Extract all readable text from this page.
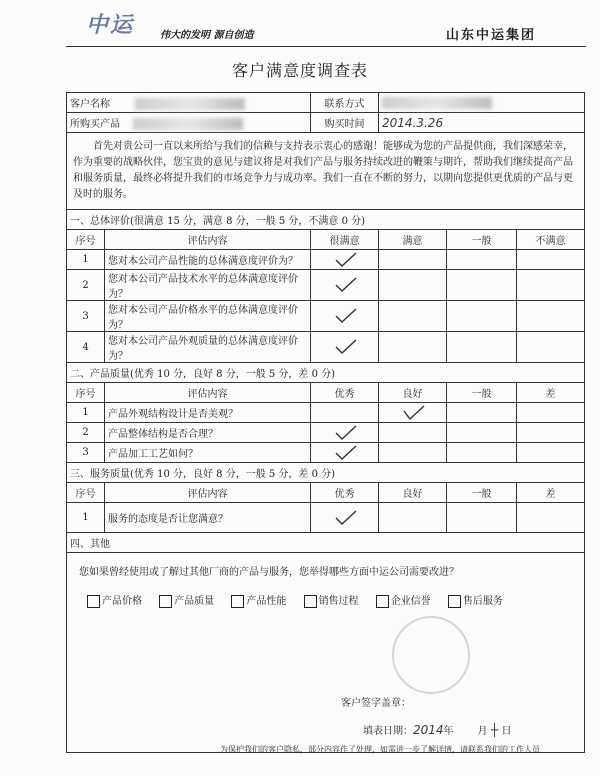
中运	伟大的发明 源自创造	山东中运集团
客户满意度调查表
客户名称		联系方式			
所购买产品		购买时间	2014.3.26		
首先对贵公司一直以来所给与我们的信赖与支持表示衷心的感谢！能够成为您的产品提供商，我们深感荣幸，作为重要的战略伙伴，您宝贵的意见与建议将是对我们产品与服务持续改进的鞭策与期许，帮助我们继续提高产品和服务质量，最终必将提升我们的市场竞争力与成功率。我们一直在不断的努力，以期向您提供更优质的产品与更及时的服务。					
一、总体评价(很满意 15 分，满意 8 分，一般 5 分，不满意 0 分)					
序号	评估内容	很满意	满意	一般	不满意
1	您对本公司产品性能的总体满意度评价为？	

2	您对本公司产品技术水平的总体满意度评价为？	

3	您对本公司产品价格水平的总体满意度评价为？	

4	您对本公司产品外观质量的总体满意度评价为？	

二、产品质量(优秀 10 分，良好 8 分，一般 5 分，差 0 分)					
序号	评估内容	优秀	良好	一般	差
1	产品外观结构设计是否美观？		

2	产品整体结构是否合理？	

3	产品加工工艺如何？	

三、服务质量(优秀 10 分，良好 8 分，一般 5 分，差 0 分)					
序号	评估内容	优秀	良好	一般	差
1	服务的态度是否让您满意？	

四、其他					

您如果曾经使用或了解过其他厂商的产品与服务，您举得哪些方面中运公司需要改进？
产品价格 产品质量 产品性能 销售过程 企业信誉 售后服务
客户签字盖章：
填表日期：2014年 月 ┼ 日					
为保护我们的客户隐私，部分内容作了处理，如需进一步了解详情，请联系我们的工作人员
